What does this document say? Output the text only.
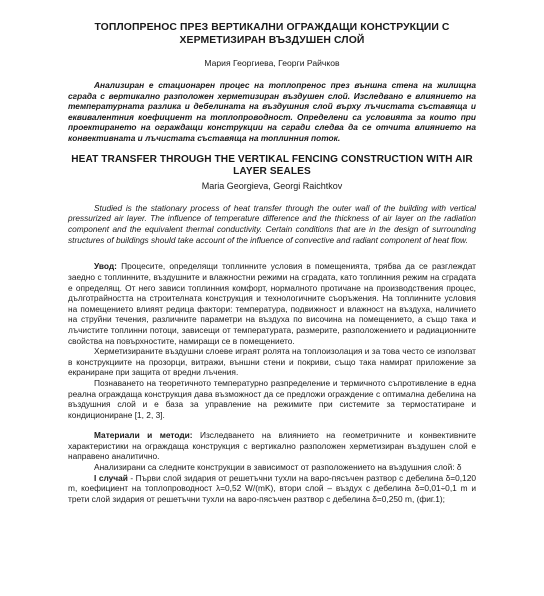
ТОПЛОПРЕНОС ПРЕЗ ВЕРТИКАЛНИ ОГРАЖДАЩИ КОНСТРУКЦИИ С ХЕРМЕТИЗИРАН ВЪЗДУШЕН СЛОЙ

Мария Георгиева, Георги Райчков

Анализиран е стационарен процес на топлопренос през външна стена на жилищна сграда с вертикално разположен херметизиран въздушен слой. Изследвано е влиянието на температурната разлика и дебелината на въздушния слой върху лъчистата съставяща и еквивалентния коефициент на топлопроводност. Определени са условията за които при проектирането на ограждащи конструкции на сгради следва да се отчита влиянието на конвективната и лъчистата съставяща на топлинния поток.

HEAT TRANSFER THROUGH THE VERTIKAL FENCING CONSTRUCTION WITH AIR LAYER SEALES

Maria Georgieva, Georgi Raichtkov

Studied is the stationary process of heat transfer through the outer wall of the building with vertical pressurized air layer. The influence of temperature difference and the thickness of air layer on the radiation component and the equivalent thermal conductivity. Certain conditions that are in the design of surrounding structures of buildings should take account of the influence of convective and radiant component of heat flow.

Увод: Процесите, определящи топлинните условия в помещенията, трябва да се разглеждат заедно с топлинните, въздушните и влажностни режими на сградата, като топлинния режим на сградата е определящ. От него зависи топлинния комфорт, нормалното протичане на производствения процес, дълготрайността на строителната конструкция и технологичните съоръжения. На топлинните условия на помещението влияят редица фактори: температура, подвижност и влажност на въздуха, наличието на струйни течения, различните параметри на въздуха по височина на помещението, а също така и лъчистите топлинни потоци, зависещи от температурата, размерите, разположението и радиационните свойства на повърхностите, намиращи се в помещението.

Херметизираните въздушни слоеве играят ролята на топлоизолация и за това често се използват в конструкциите на прозорци, витражи, външни стени и покриви, също така намират приложение за екраниране при защита от вредни лъчения.

Познаването на теоретичното температурно разпределение и термичното съпротивление в една реална ограждаща конструкция дава възможност да се предложи ограждение с оптимална дебелина на въздушния слой и е база за управление на режимите при системите за термостатиране и кондициониране [1, 2, 3].

Материали и методи: Изследването на влиянието на геометричните и конвективните характеристики на ограждаща конструкция с вертикално разположен херметизиран въздушен слой е направено аналитично.

Анализирани са следните конструкции в зависимост от разположението на въздушния слой: δ

I случай - Първи слой зидария от решетъчни тухли на варо-пясъчен разтвор с дебелина δ=0,120 m, коефициент на топлопроводност λ=0,52 W/(mK), втори слой – въздух с дебелина δ=0,01÷0,1 m и трети слой зидария от решетъчни тухли на варо-пясъчен разтвор с дебелина δ=0,250 m, (фиг.1);
